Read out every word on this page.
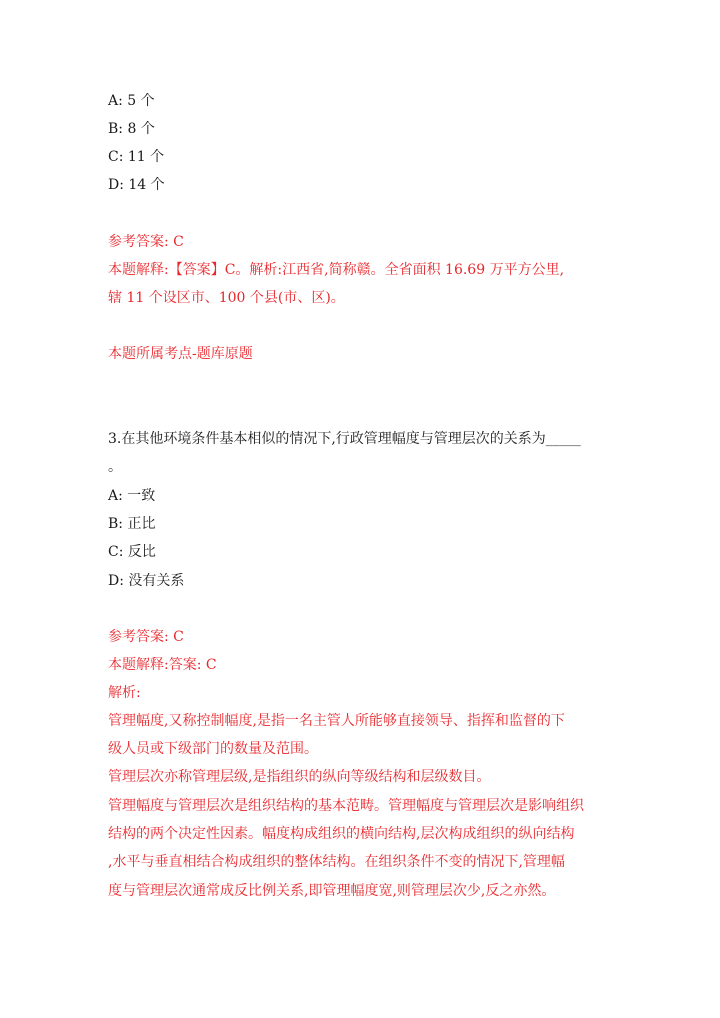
A: 5 个
B: 8 个
C: 11 个
D: 14 个
参考答案: C
本题解释:【答案】C。解析:江西省,简称赣。全省面积 16.69 万平方公里,
辖 11 个设区市、100 个县(市、区)。
本题所属考点-题库原题
3.在其他环境条件基本相似的情况下,行政管理幅度与管理层次的关系为_____
。
A: 一致
B: 正比
C: 反比
D: 没有关系
参考答案: C
本题解释:答案: C
解析:
管理幅度,又称控制幅度,是指一名主管人所能够直接领导、指挥和监督的下
级人员或下级部门的数量及范围。
管理层次亦称管理层级,是指组织的纵向等级结构和层级数目。
管理幅度与管理层次是组织结构的基本范畴。管理幅度与管理层次是影响组织
结构的两个决定性因素。幅度构成组织的横向结构,层次构成组织的纵向结构
,水平与垂直相结合构成组织的整体结构。在组织条件不变的情况下,管理幅
度与管理层次通常成反比例关系,即管理幅度宽,则管理层次少,反之亦然。
